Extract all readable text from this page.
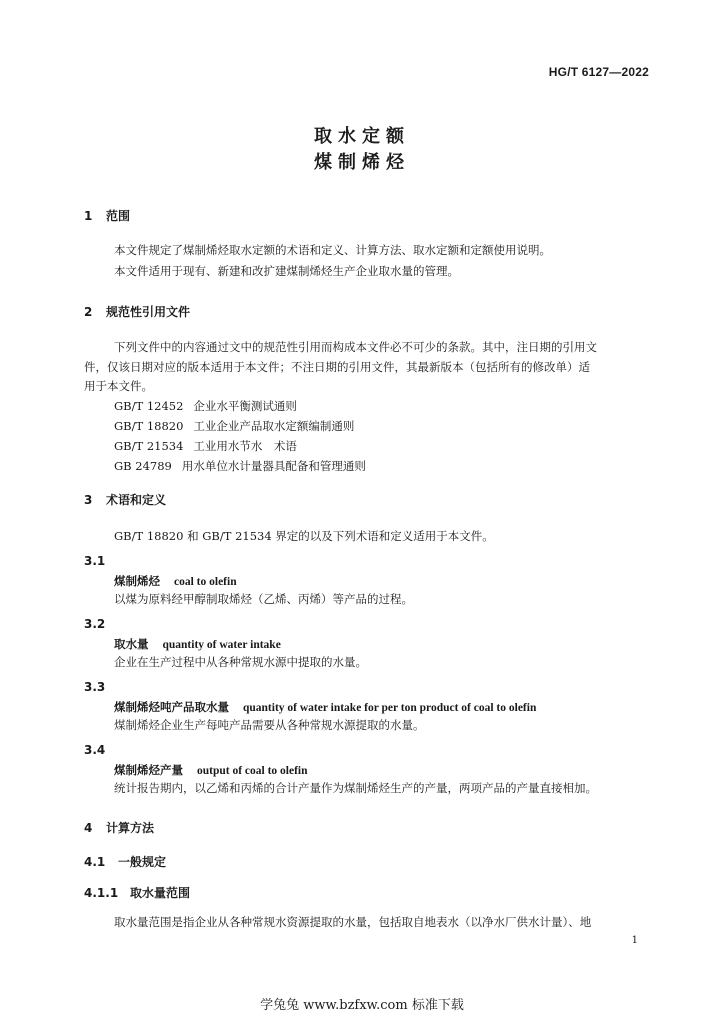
HG/T 6127—2022
取水定额
煤制烯烃
1 范围
本文件规定了煤制烯烃取水定额的术语和定义、计算方法、取水定额和定额使用说明。
本文件适用于现有、新建和改扩建煤制烯烃生产企业取水量的管理。
2 规范性引用文件
下列文件中的内容通过文中的规范性引用而构成本文件必不可少的条款。其中，注日期的引用文
件，仅该日期对应的版本适用于本文件；不注日期的引用文件，其最新版本（包括所有的修改单）适
用于本文件。
GB/T 12452 企业水平衡测试通则
GB/T 18820 工业企业产品取水定额编制通则
GB/T 21534 工业用水节水　术语
GB 24789 用水单位水计量器具配备和管理通则
3 术语和定义
GB/T 18820 和 GB/T 21534 界定的以及下列术语和定义适用于本文件。
3.1
煤制烯烃 coal to olefin
以煤为原料经甲醇制取烯烃（乙烯、丙烯）等产品的过程。
3.2
取水量 quantity of water intake
企业在生产过程中从各种常规水源中提取的水量。
3.3
煤制烯烃吨产品取水量 quantity of water intake for per ton product of coal to olefin
煤制烯烃企业生产每吨产品需要从各种常规水源提取的水量。
3.4
煤制烯烃产量 output of coal to olefin
统计报告期内，以乙烯和丙烯的合计产量作为煤制烯烃生产的产量，两项产品的产量直接相加。
4 计算方法
4.1 一般规定
4.1.1 取水量范围
取水量范围是指企业从各种常规水资源提取的水量，包括取自地表水（以净水厂供水计量）、地
1
学兔兔 www.bzfxw.com 标准下载
